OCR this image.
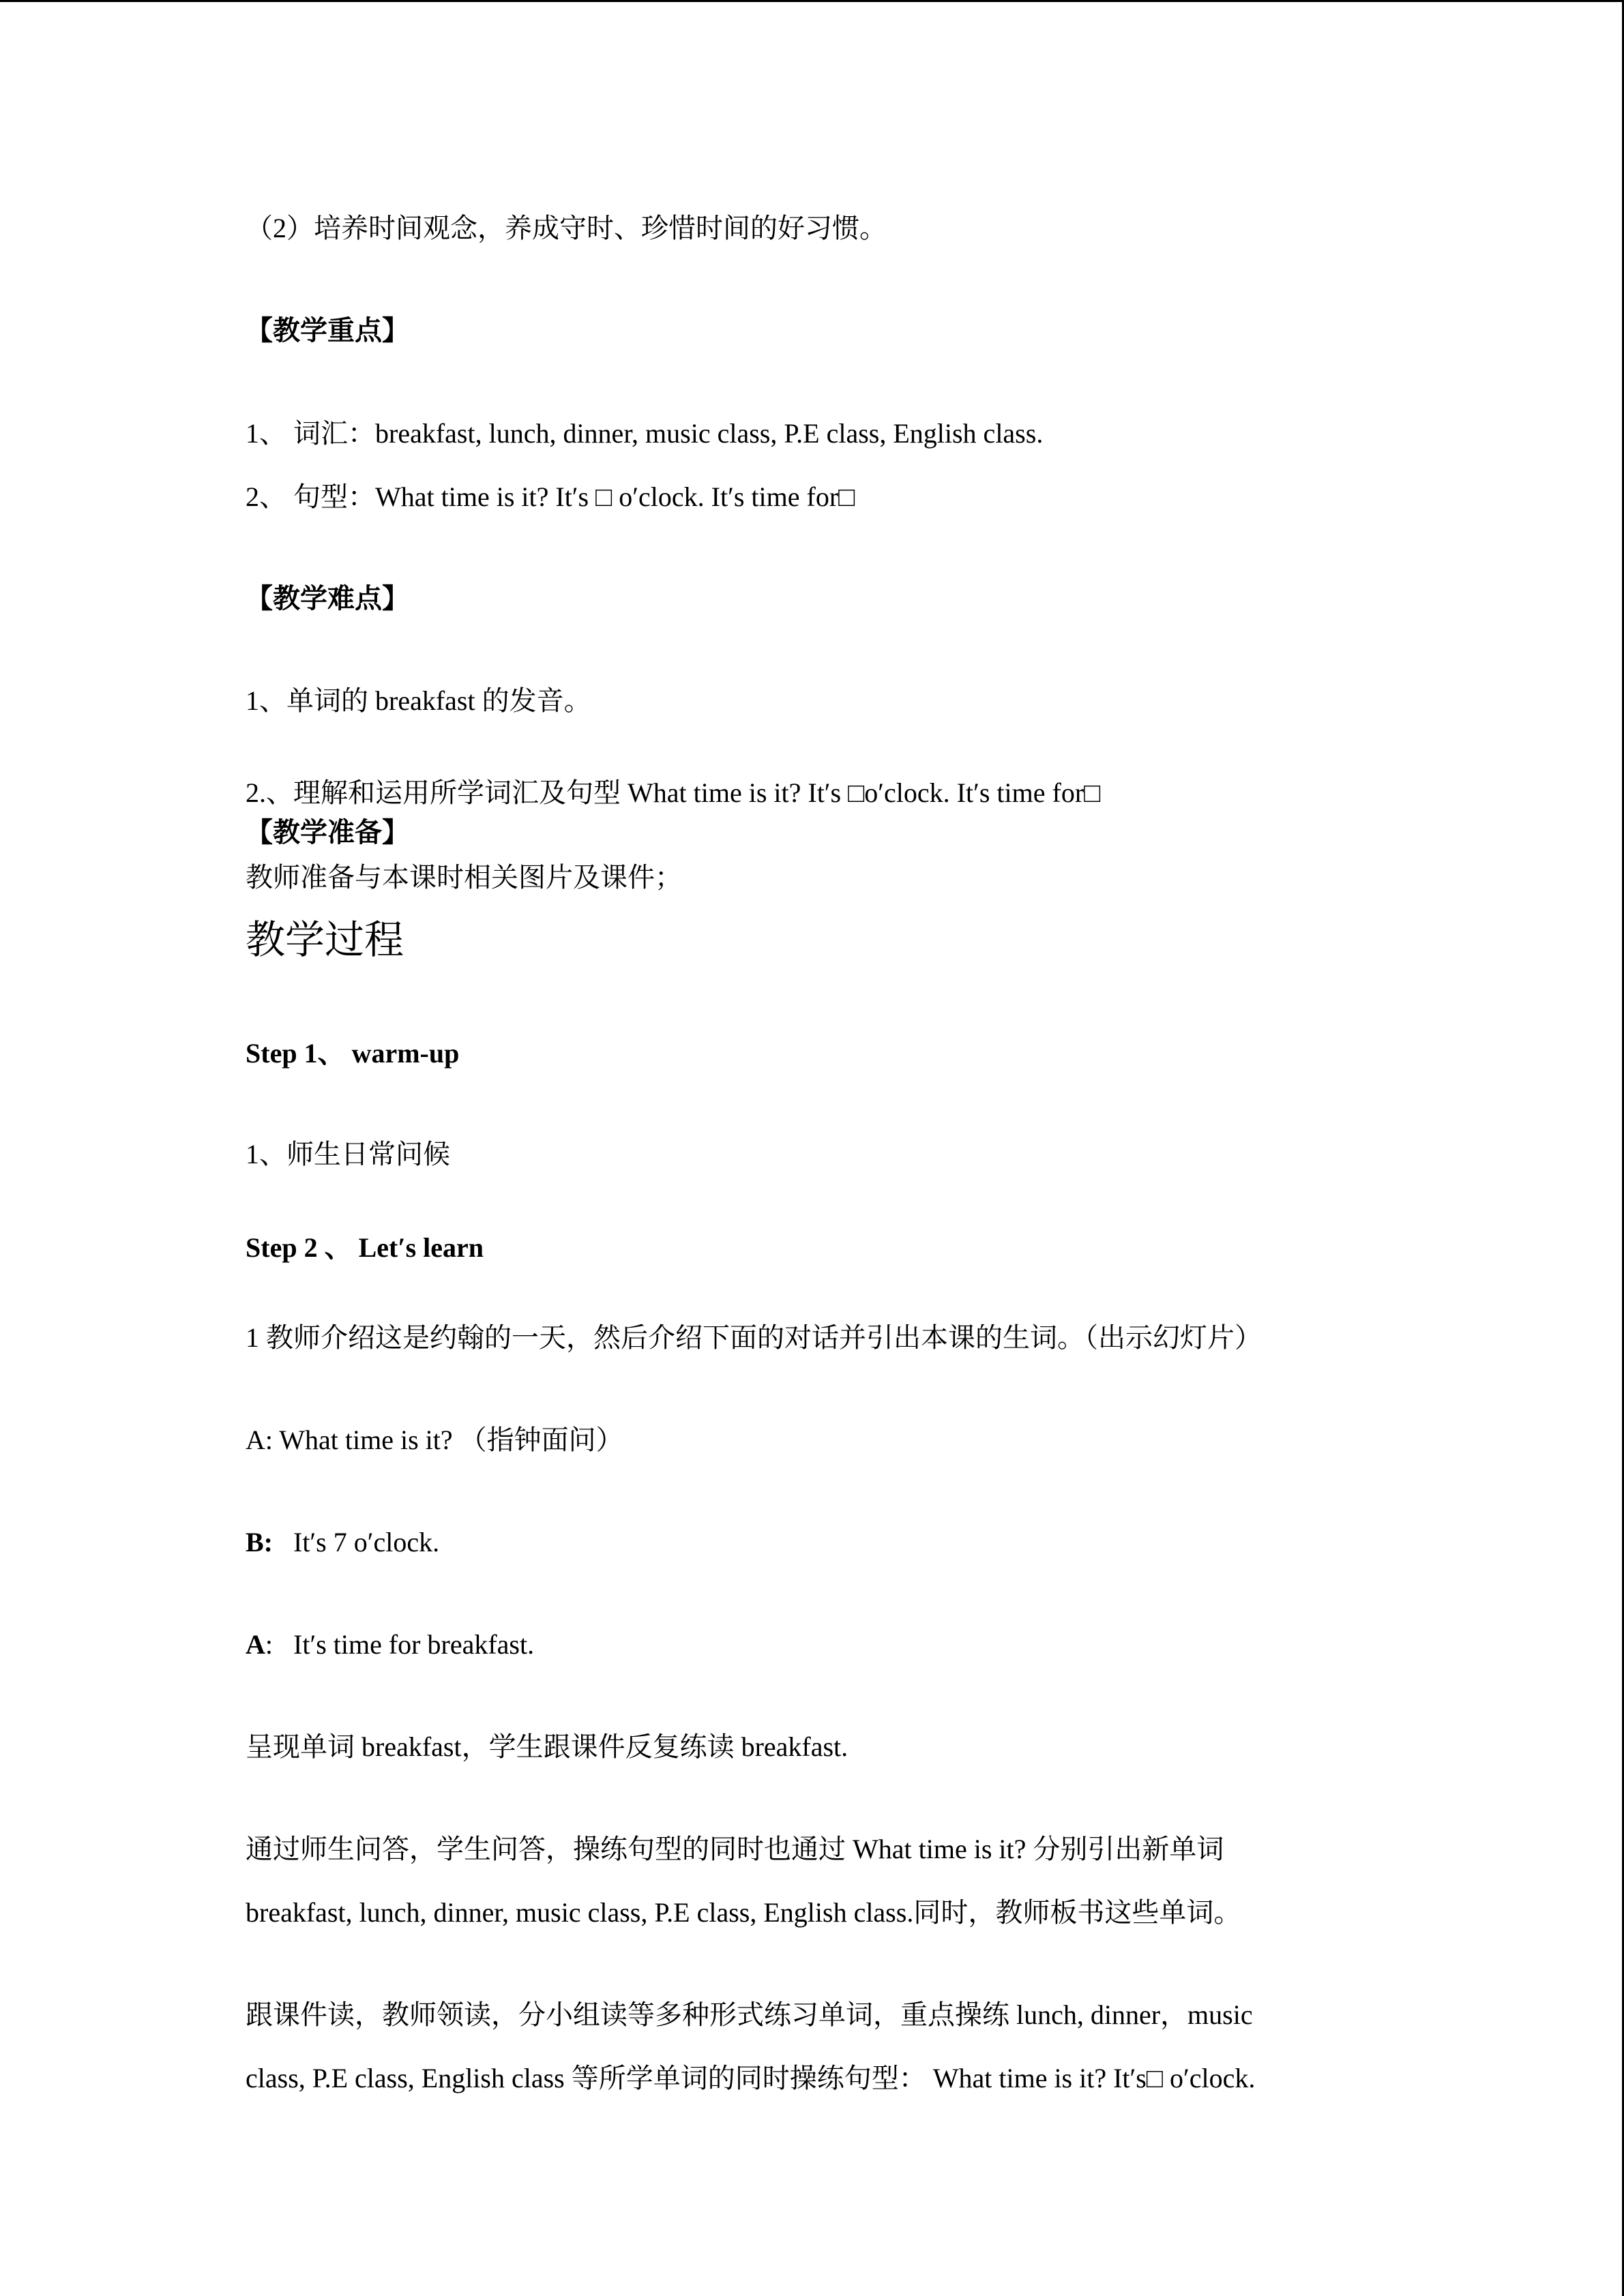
（2）培养时间观念，养成守时、珍惜时间的好习惯。
【教学重点】
1、 词汇：breakfast, lunch, dinner, music class, P.E class, English class.
2、 句型：What time is it? It′s □ o′clock. It′s time for□
【教学难点】
1、单词的 breakfast 的发音。
2.、理解和运用所学词汇及句型 What time is it? It′s □o′clock. It′s time for□
【教学准备】
教师准备与本课时相关图片及课件；
教学过程
Step 1、 warm-up
1、师生日常问候
Step 2 、 Let′s learn
1 教师介绍这是约翰的一天，然后介绍下面的对话并引出本课的生词。（出示幻灯片）
A: What time is it? （指钟面问）
B: It′s 7 o′clock.
A: It′s time for breakfast.
呈现单词 breakfast，学生跟课件反复练读 breakfast.
通过师生问答，学生问答，操练句型的同时也通过 What time is it? 分别引出新单词
breakfast, lunch, dinner, music class, P.E class, English class.同时，教师板书这些单词。
跟课件读，教师领读，分小组读等多种形式练习单词，重点操练 lunch, dinner，music
class, P.E class, English class 等所学单词的同时操练句型： What time is it? It′s□ o′clock.
